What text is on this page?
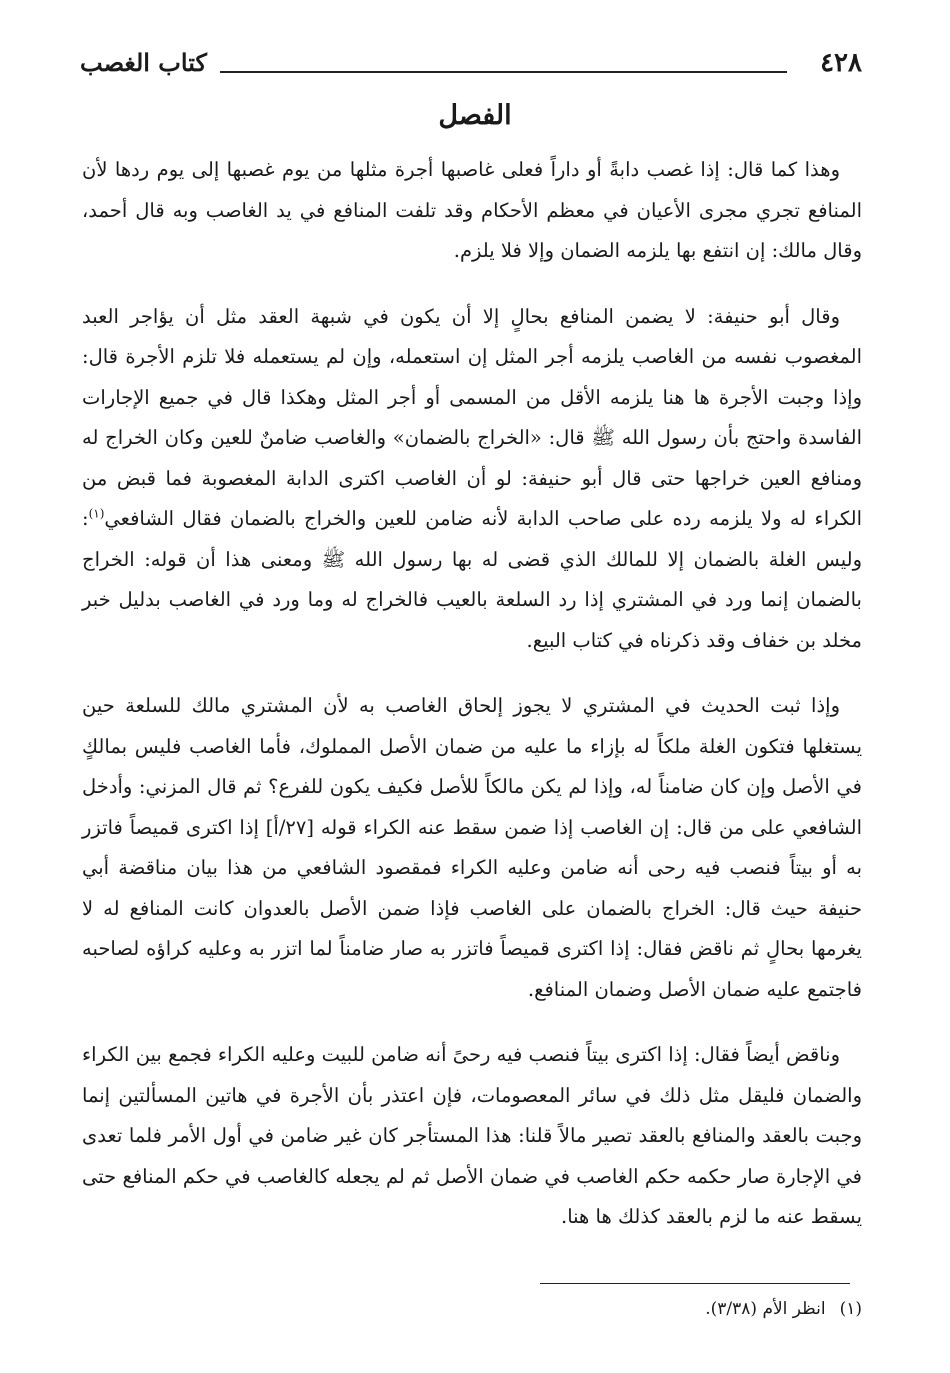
٤٢٨
كتاب الغصب
الفصل

وهذا كما قال: إذا غصب دابةً أو داراً فعلى غاصبها أجرة مثلها من يوم غصبها إلى يوم ردها لأن المنافع تجري مجرى الأعيان في معظم الأحكام وقد تلفت المنافع في يد الغاصب وبه قال أحمد، وقال مالك: إن انتفع بها يلزمه الضمان وإلا فلا يلزم.

وقال أبو حنيفة: لا يضمن المنافع بحالٍ إلا أن يكون في شبهة العقد مثل أن يؤاجر العبد المغصوب نفسه من الغاصب يلزمه أجر المثل إن استعمله، وإن لم يستعمله فلا تلزم الأجرة قال: وإذا وجبت الأجرة ها هنا يلزمه الأقل من المسمى أو أجر المثل وهكذا قال في جميع الإجارات الفاسدة واحتج بأن رسول الله ﷺ قال: «الخراج بالضمان» والغاصب ضامنٌ للعين وكان الخراج له ومنافع العين خراجها حتى قال أبو حنيفة: لو أن الغاصب اكترى الدابة المغصوبة فما قبض من الكراء له ولا يلزمه رده على صاحب الدابة لأنه ضامن للعين والخراج بالضمان فقال الشافعي$^{(١)}$: وليس الغلة بالضمان إلا للمالك الذي قضى له بها رسول الله ﷺ ومعنى هذا أن قوله: الخراج بالضمان إنما ورد في المشتري إذا رد السلعة بالعيب فالخراج له وما ورد في الغاصب بدليل خبر مخلد بن خفاف وقد ذكرناه في كتاب البيع.

وإذا ثبت الحديث في المشتري لا يجوز إلحاق الغاصب به لأن المشتري مالك للسلعة حين يستغلها فتكون الغلة ملكاً له بإزاء ما عليه من ضمان الأصل المملوك، فأما الغاصب فليس بمالكٍ في الأصل وإن كان ضامناً له، وإذا لم يكن مالكاً للأصل فكيف يكون للفرع؟ ثم قال المزني: وأدخل الشافعي على من قال: إن الغاصب إذا ضمن سقط عنه الكراء قوله [٢٧/أ] إذا اكترى قميصاً فاتزر به أو بيتاً فنصب فيه رحى أنه ضامن وعليه الكراء فمقصود الشافعي من هذا بيان مناقضة أبي حنيفة حيث قال: الخراج بالضمان على الغاصب فإذا ضمن الأصل بالعدوان كانت المنافع له لا يغرمها بحالٍ ثم ناقض فقال: إذا اكترى قميصاً فاتزر به صار ضامناً لما اتزر به وعليه كراؤه لصاحبه فاجتمع عليه ضمان الأصل وضمان المنافع.

وناقض أيضاً فقال: إذا اكترى بيتاً فنصب فيه رحىً أنه ضامن للبيت وعليه الكراء فجمع بين الكراء والضمان فليقل مثل ذلك في سائر المعصومات، فإن اعتذر بأن الأجرة في هاتين المسألتين إنما وجبت بالعقد والمنافع بالعقد تصير مالاً قلنا: هذا المستأجر كان غير ضامن في أول الأمر فلما تعدى في الإجارة صار حكمه حكم الغاصب في ضمان الأصل ثم لم يجعله كالغاصب في حكم المنافع حتى يسقط عنه ما لزم بالعقد كذلك ها هنا.

(١)انظر الأم (٣/٣٨).
